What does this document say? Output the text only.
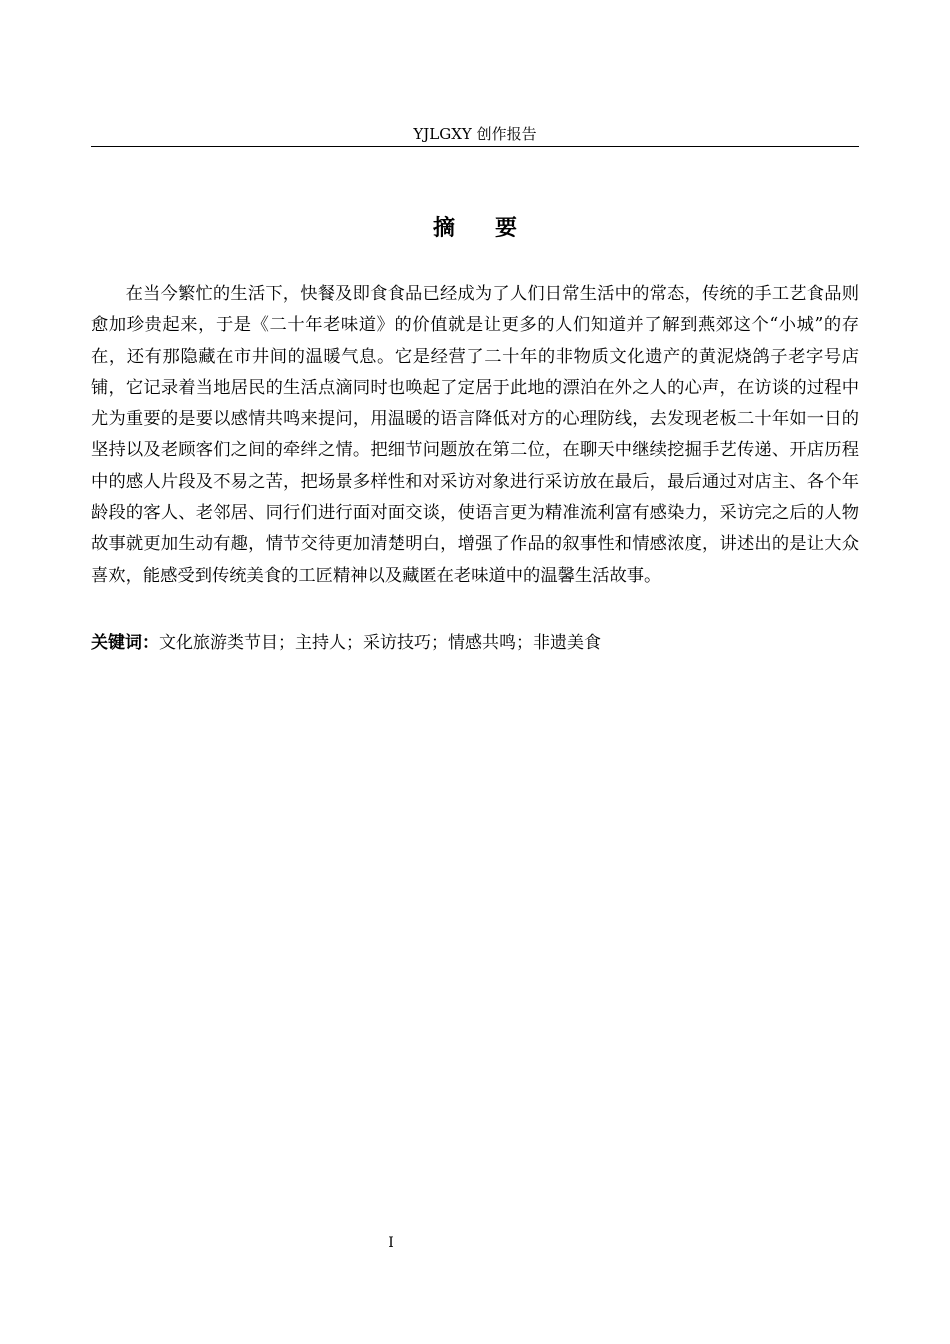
YJLGXY 创作报告
摘要

在当今繁忙的生活下，快餐及即食食品已经成为了人们日常生活中的常态，传统的手工艺食品则愈加珍贵起来，于是《二十年老味道》的价值就是让更多的人们知道并了解到燕郊这个“小城”的存在，还有那隐藏在市井间的温暖气息。它是经营了二十年的非物质文化遗产的黄泥烧鸽子老字号店铺，它记录着当地居民的生活点滴同时也唤起了定居于此地的漂泊在外之人的心声，在访谈的过程中尤为重要的是要以感情共鸣来提问，用温暖的语言降低对方的心理防线，去发现老板二十年如一日的坚持以及老顾客们之间的牵绊之情。把细节问题放在第二位，在聊天中继续挖掘手艺传递、开店历程中的感人片段及不易之苦，把场景多样性和对采访对象进行采访放在最后，最后通过对店主、各个年龄段的客人、老邻居、同行们进行面对面交谈，使语言更为精准流利富有感染力，采访完之后的人物故事就更加生动有趣，情节交待更加清楚明白，增强了作品的叙事性和情感浓度，讲述出的是让大众喜欢，能感受到传统美食的工匠精神以及藏匿在老味道中的温馨生活故事。

关键词：文化旅游类节目；主持人；采访技巧；情感共鸣；非遗美食

I
